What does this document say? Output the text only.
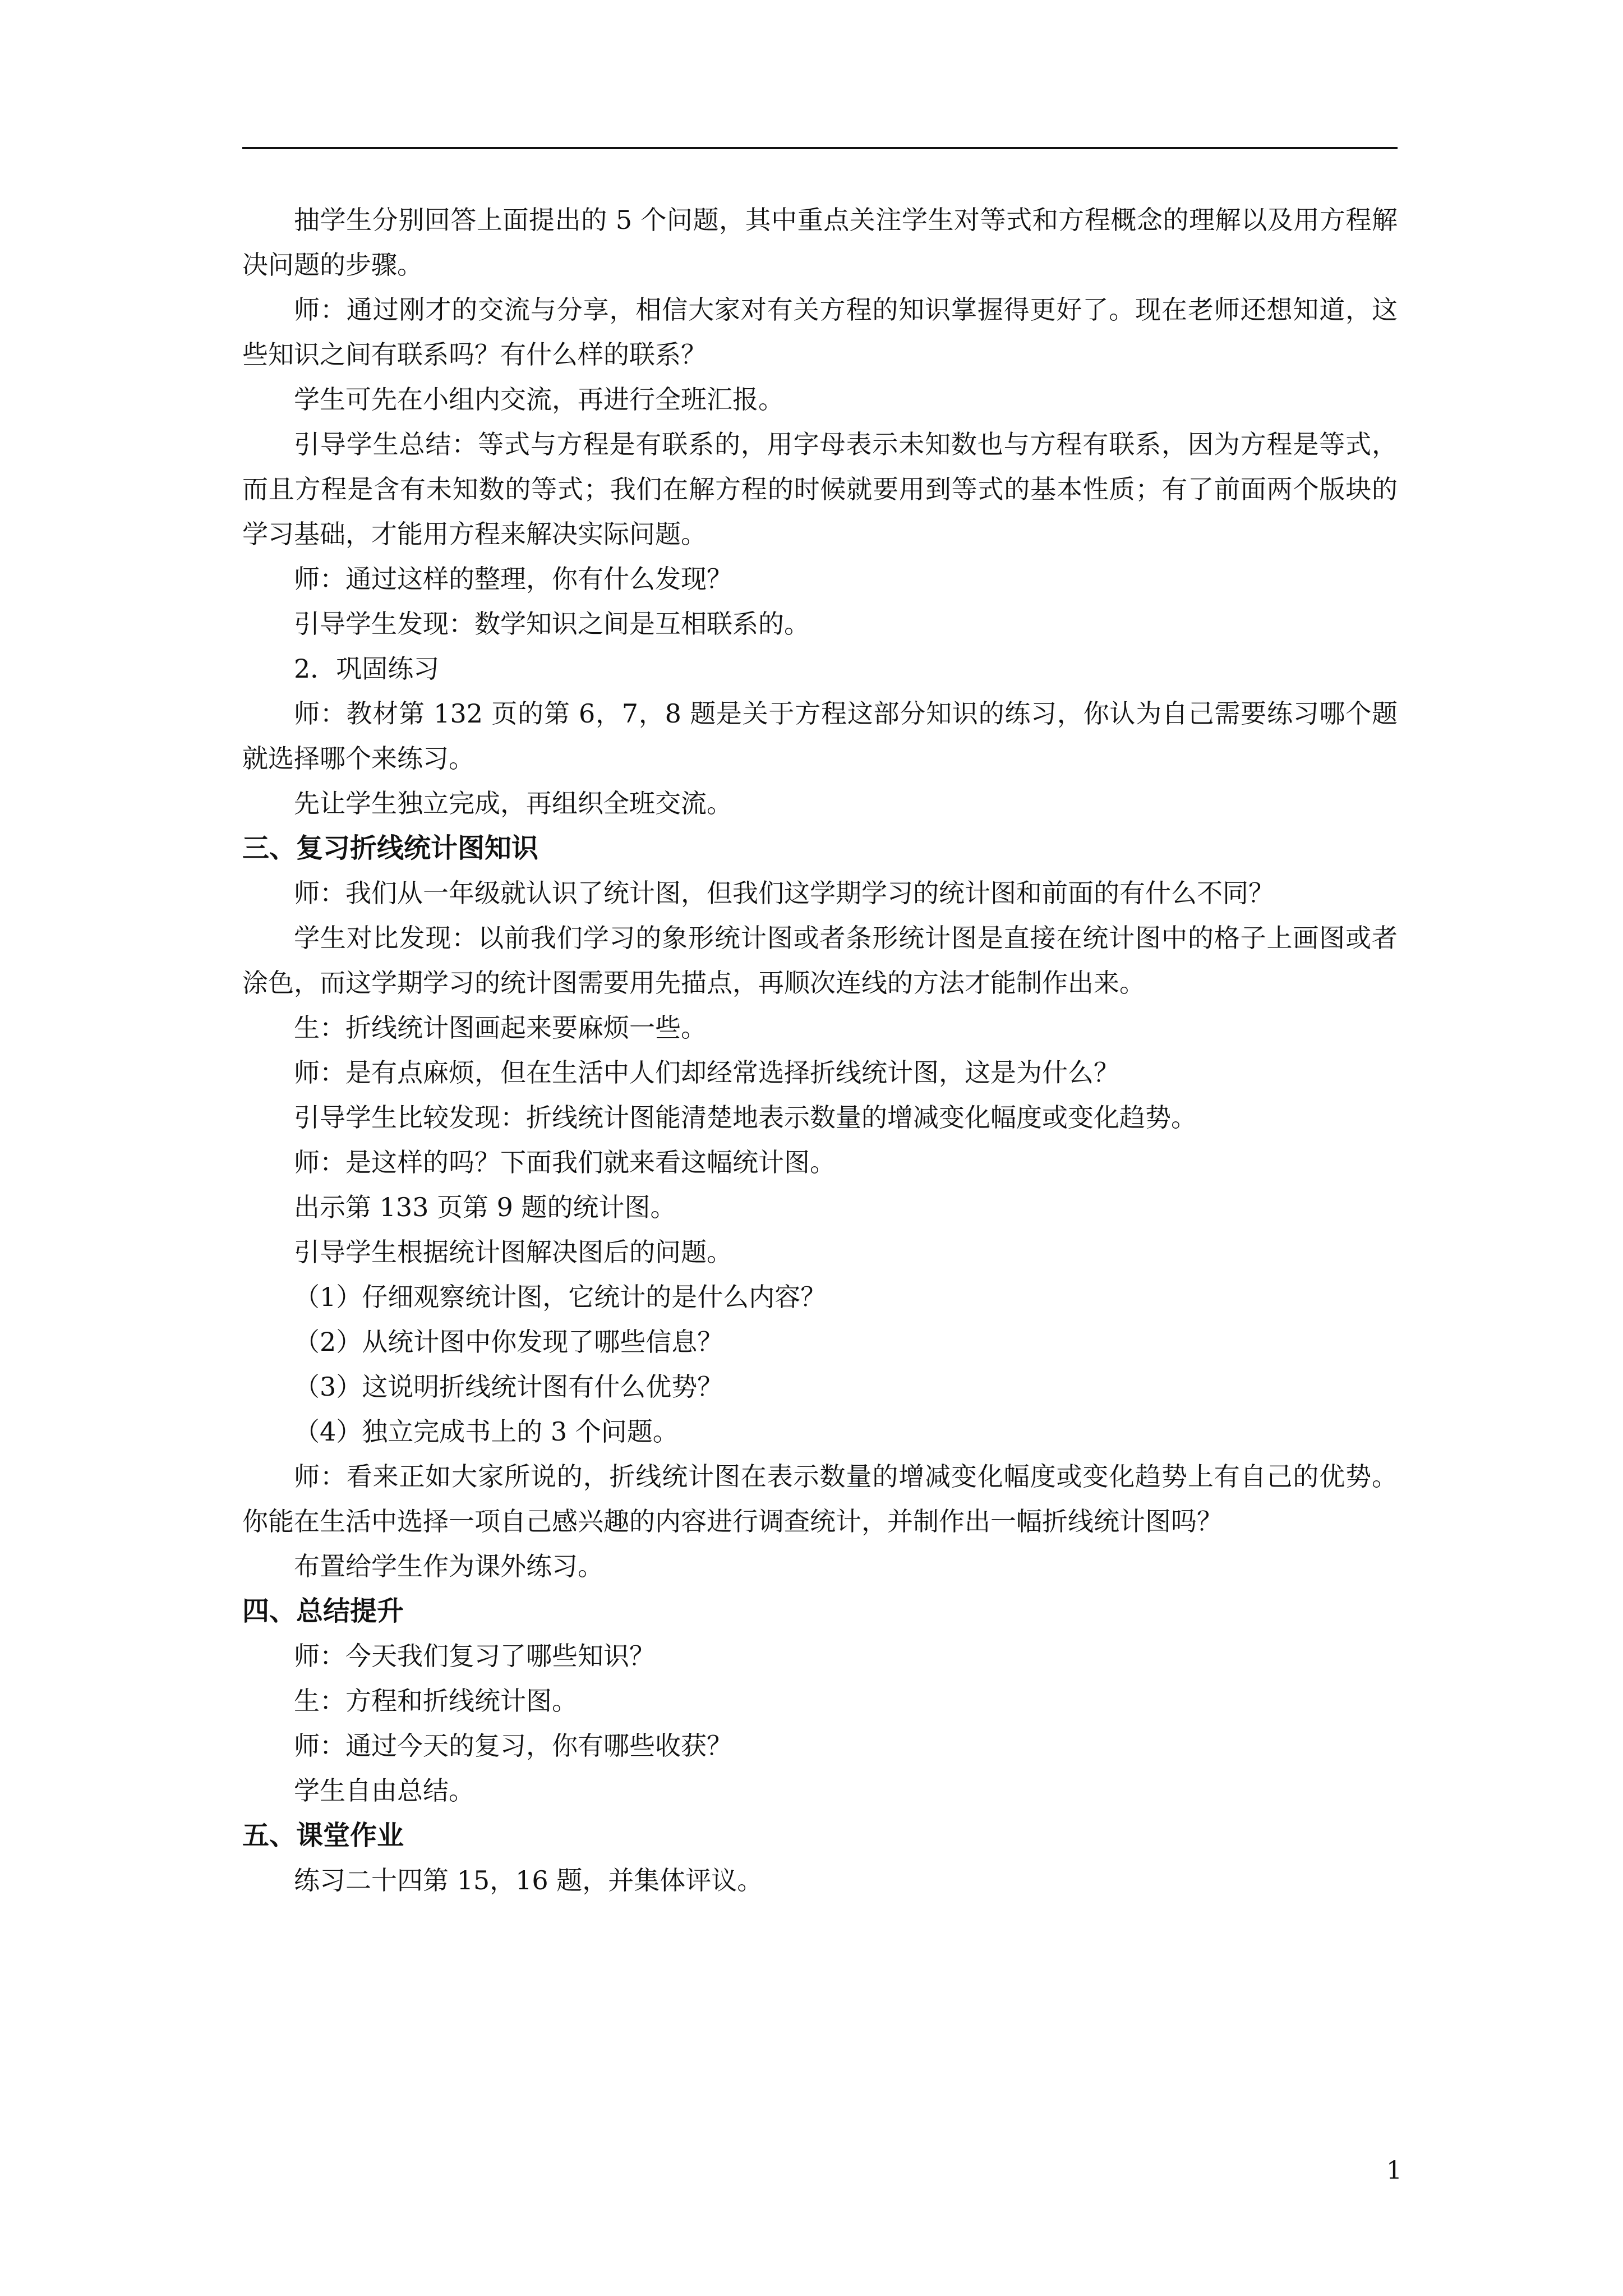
抽学生分别回答上面提出的 5 个问题，其中重点关注学生对等式和方程概念的理解以及用方程解决问题的步骤。

师：通过刚才的交流与分享，相信大家对有关方程的知识掌握得更好了。现在老师还想知道，这些知识之间有联系吗？有什么样的联系？

学生可先在小组内交流，再进行全班汇报。

引导学生总结：等式与方程是有联系的，用字母表示未知数也与方程有联系，因为方程是等式，而且方程是含有未知数的等式；我们在解方程的时候就要用到等式的基本性质；有了前面两个版块的学习基础，才能用方程来解决实际问题。

师：通过这样的整理，你有什么发现？

引导学生发现：数学知识之间是互相联系的。

2．巩固练习

师：教材第 132 页的第 6，7，8 题是关于方程这部分知识的练习，你认为自己需要练习哪个题就选择哪个来练习。

先让学生独立完成，再组织全班交流。

三、复习折线统计图知识

师：我们从一年级就认识了统计图，但我们这学期学习的统计图和前面的有什么不同？

学生对比发现：以前我们学习的象形统计图或者条形统计图是直接在统计图中的格子上画图或者涂色，而这学期学习的统计图需要用先描点，再顺次连线的方法才能制作出来。

生：折线统计图画起来要麻烦一些。

师：是有点麻烦，但在生活中人们却经常选择折线统计图，这是为什么？

引导学生比较发现：折线统计图能清楚地表示数量的增减变化幅度或变化趋势。

师：是这样的吗？下面我们就来看这幅统计图。

出示第 133 页第 9 题的统计图。

引导学生根据统计图解决图后的问题。

（1）仔细观察统计图，它统计的是什么内容？

（2）从统计图中你发现了哪些信息？

（3）这说明折线统计图有什么优势？

（4）独立完成书上的 3 个问题。

师：看来正如大家所说的，折线统计图在表示数量的增减变化幅度或变化趋势上有自己的优势。你能在生活中选择一项自己感兴趣的内容进行调查统计，并制作出一幅折线统计图吗？

布置给学生作为课外练习。

四、总结提升

师：今天我们复习了哪些知识？

生：方程和折线统计图。

师：通过今天的复习，你有哪些收获？

学生自由总结。

五、课堂作业

练习二十四第 15，16 题，并集体评议。

1
